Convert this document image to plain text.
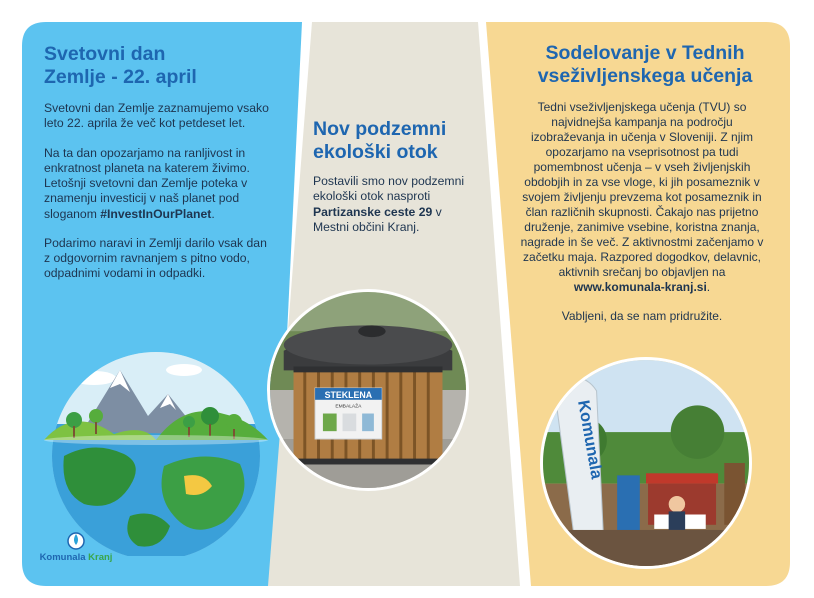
Svetovni dan
Zemlje - 22. april

Svetovni dan Zemlje zaznamujemo vsako leto 22. aprila že več kot petdeset let.

Na ta dan opozarjamo na ranljivost in enkratnost planeta na katerem živimo. Letošnji svetovni dan Zemlje poteka v znamenju investicij v naš planet pod sloganom #InvestInOurPlanet.

Podarimo naravi in Zemlji darilo vsak dan z odgovornim ravnanjem s pitno vodo, odpadnimi vodami in odpadki.

Komunala Kranj
Nov podzemni
ekološki otok
Postavili smo nov podzemni ekološki otok nasproti Partizanske ceste 29 v Mestni občini Kranj.
STEKLENA
EMBALAŽA
Sodelovanje v Tednih
vseživljenskega učenja

Tedni vseživljenjskega učenja (TVU) so najvidnejša kampanja na področju izobraževanja in učenja v Sloveniji. Z njim opozarjamo na vseprisotnost pa tudi pomembnost učenja – v vseh življenjskih obdobjih in za vse vloge, ki jih posameznik v svojem življenju prevzema kot posameznik in član različnih skupnosti. Čakajo nas prijetno druženje, zanimive vsebine, koristna znanja, nagrade in še več. Z aktivnostmi začenjamo v začetku maja. Razpored dogodkov, delavnic, aktivnih srečanj bo objavljen na www.komunala-kranj.si.

Vabljeni, da se nam pridružite.

Komunala
